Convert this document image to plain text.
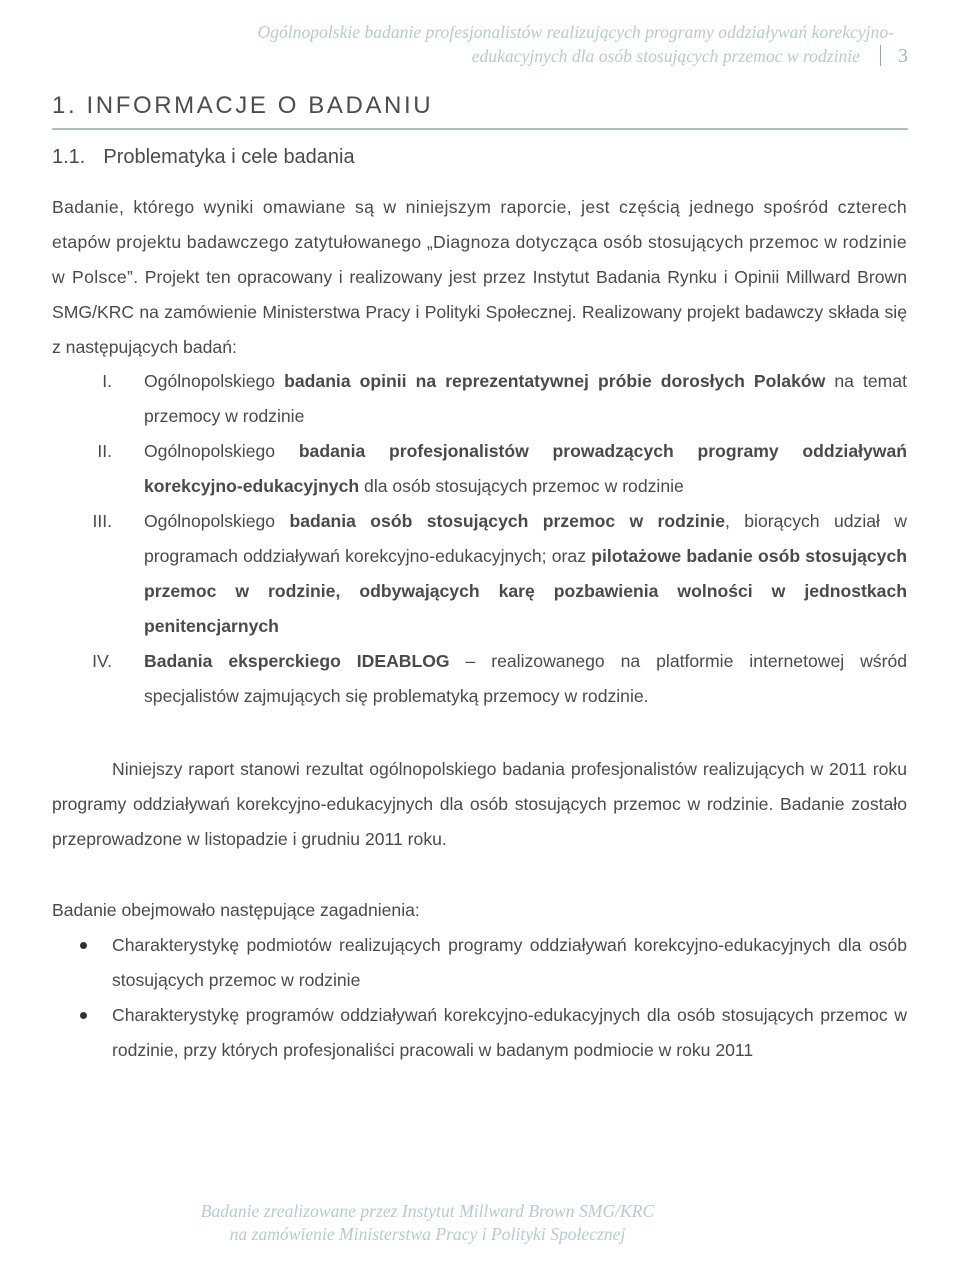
Ogólnopolskie badanie profesjonalistów realizujących programy oddziaływań korekcyjno-
edukacyjnych dla osób stosujących przemoc w rodzinie	3
1. INFORMACJE O BADANIU
1.1. Problematyka i cele badania

Badanie, którego wyniki omawiane są w niniejszym raporcie, jest częścią jednego spośród czterech etapów projektu badawczego zatytułowanego „Diagnoza dotycząca osób stosujących przemoc w rodzinie w Polsce”. Projekt ten opracowany i realizowany jest przez Instytut Badania Rynku i Opinii Millward Brown SMG/KRC na zamówienie Ministerstwa Pracy i Polityki Społecznej. Realizowany projekt badawczy składa się z następujących badań:

I. Ogólnopolskiego badania opinii na reprezentatywnej próbie dorosłych Polaków na temat przemocy w rodzinie
II. Ogólnopolskiego badania profesjonalistów prowadzących programy oddziaływań korekcyjno-edukacyjnych dla osób stosujących przemoc w rodzinie
III. Ogólnopolskiego badania osób stosujących przemoc w rodzinie, biorących udział w programach oddziaływań korekcyjno-edukacyjnych; oraz pilotażowe badanie osób stosujących przemoc w rodzinie, odbywających karę pozbawienia wolności w jednostkach penitencjarnych
IV. Badania eksperckiego IDEABLOG – realizowanego na platformie internetowej wśród specjalistów zajmujących się problematyką przemocy w rodzinie.

Niniejszy raport stanowi rezultat ogólnopolskiego badania profesjonalistów realizujących w 2011 roku programy oddziaływań korekcyjno-edukacyjnych dla osób stosujących przemoc w rodzinie. Badanie zostało przeprowadzone w listopadzie i grudniu 2011 roku.

Badanie obejmowało następujące zagadnienia:

Charakterystykę podmiotów realizujących programy oddziaływań korekcyjno-edukacyjnych dla osób stosujących przemoc w rodzinie
Charakterystykę programów oddziaływań korekcyjno-edukacyjnych dla osób stosujących przemoc w rodzinie, przy których profesjonaliści pracowali w badanym podmiocie w roku 2011
Badanie zrealizowane przez Instytut Millward Brown SMG/KRC
na zamówienie Ministerstwa Pracy i Polityki Społecznej
